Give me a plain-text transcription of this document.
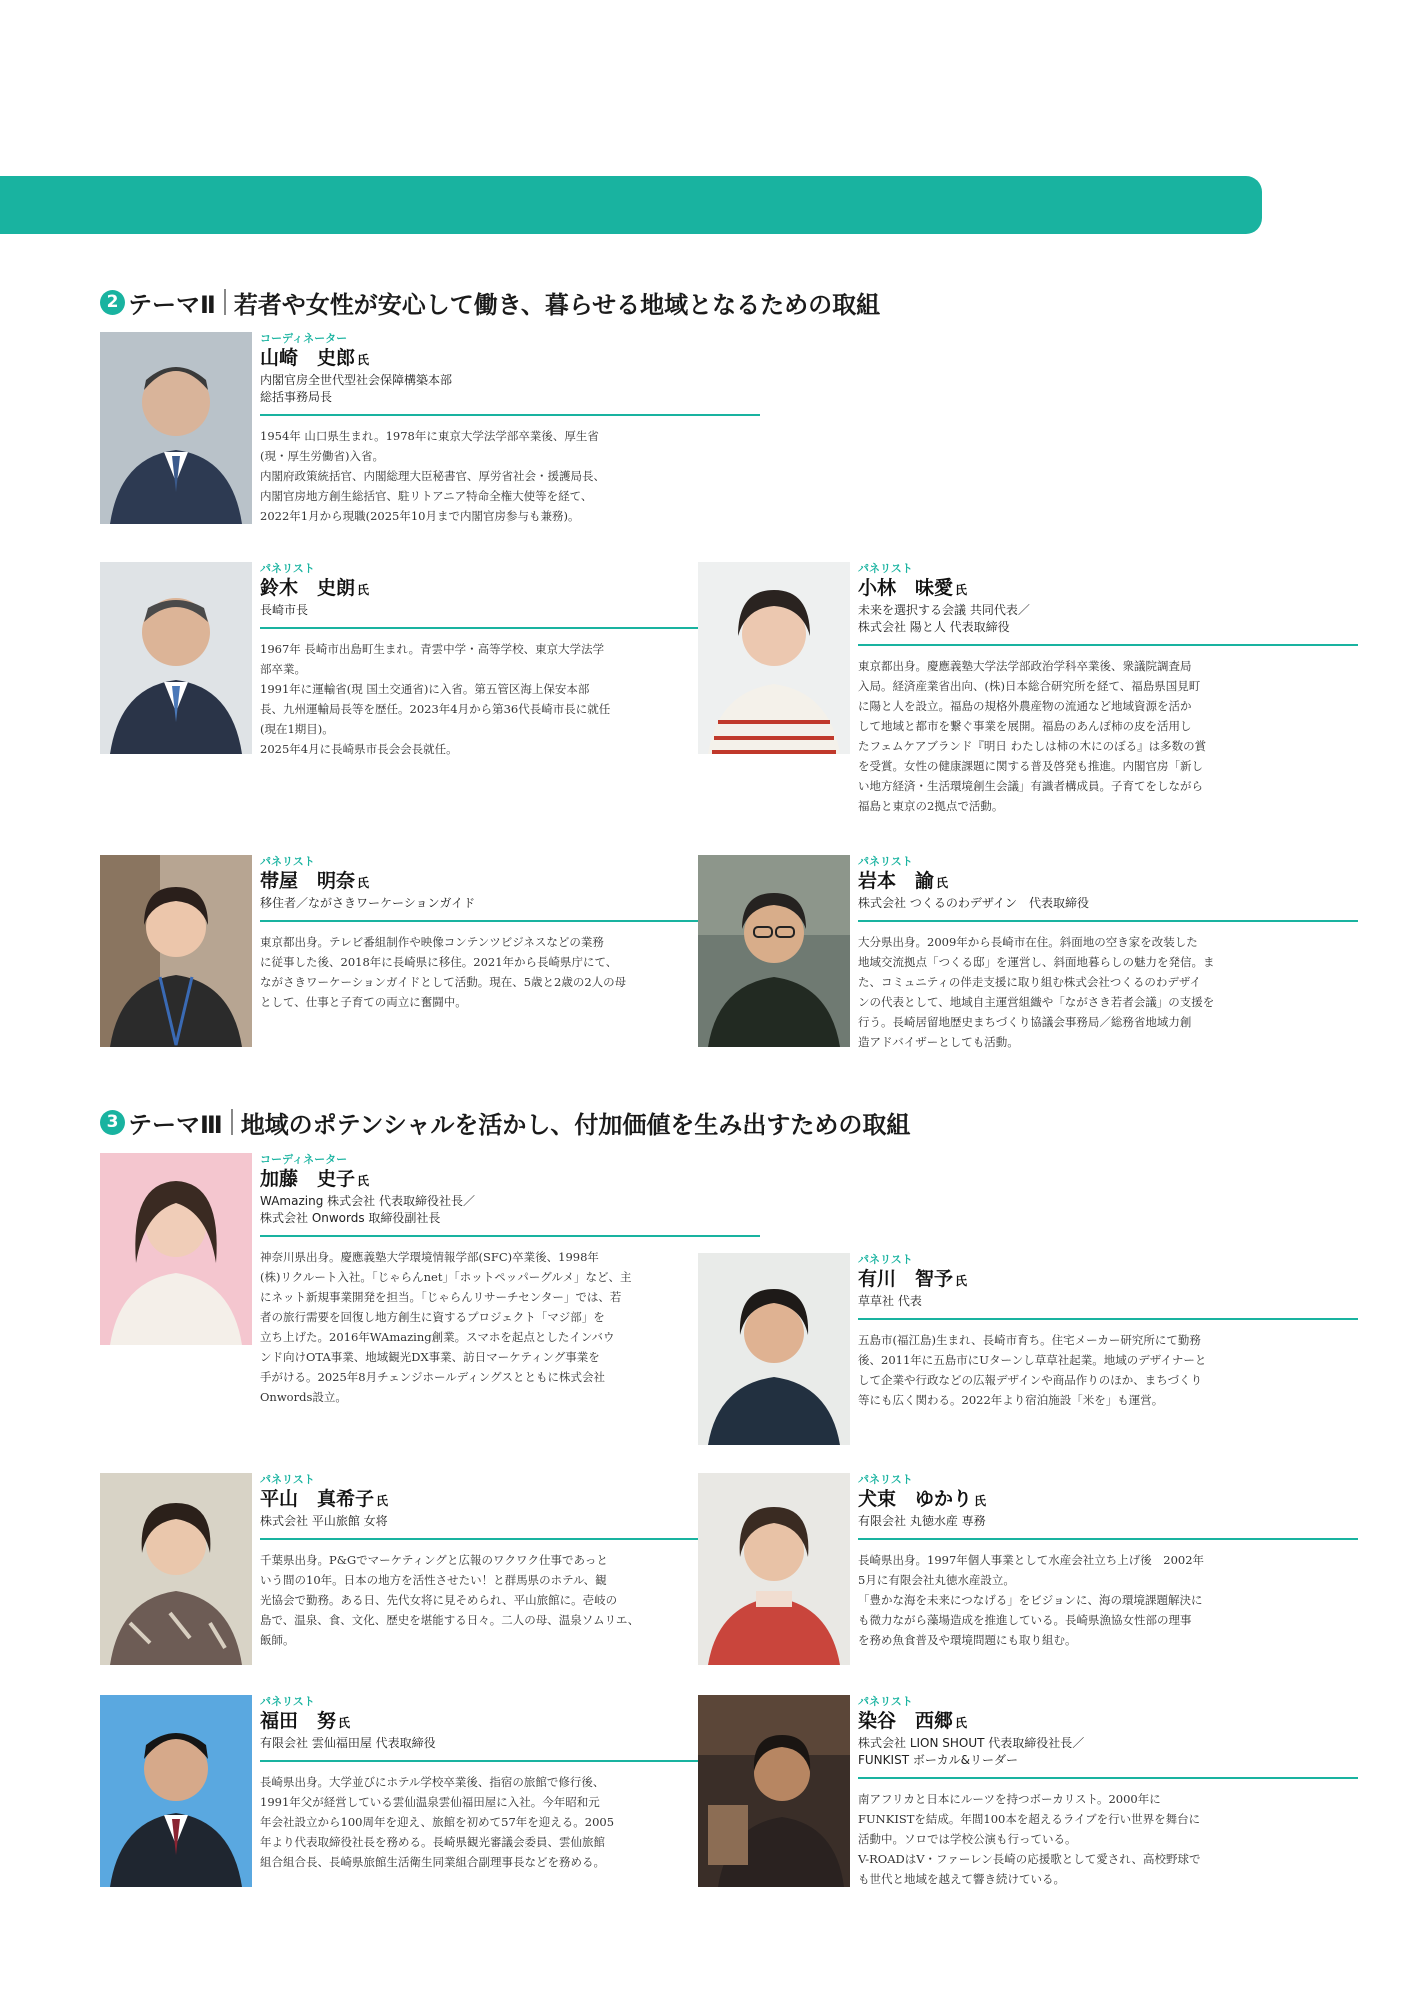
2 テーマⅡ 若者や女性が安心して働き、暮らせる地域となるための取組
コーディネーター
山崎　史郎 氏
内閣官房全世代型社会保障構築本部
総括事務局長
1954年 山口県生まれ。1978年に東京大学法学部卒業後、厚生省
(現・厚生労働省)入省。
内閣府政策統括官、内閣総理大臣秘書官、厚労省社会・援護局長、
内閣官房地方創生総括官、駐リトアニア特命全権大使等を経て、
2022年1月から現職(2025年10月まで内閣官房参与も兼務)。
パネリスト
鈴木　史朗 氏
長崎市長
1967年 長崎市出島町生まれ。青雲中学・高等学校、東京大学法学
部卒業。
1991年に運輸省(現 国土交通省)に入省。第五管区海上保安本部
長、九州運輸局長等を歴任。2023年4月から第36代長崎市長に就任
(現在1期目)。
2025年4月に長崎県市長会会長就任。
パネリスト
小林　味愛 氏
未来を選択する会議 共同代表／
株式会社 陽と人 代表取締役
東京都出身。慶應義塾大学法学部政治学科卒業後、衆議院調査局
入局。経済産業省出向、(株)日本総合研究所を経て、福島県国見町
に陽と人を設立。福島の規格外農産物の流通など地域資源を活か
して地域と都市を繋ぐ事業を展開。福島のあんぽ柿の皮を活用し
たフェムケアブランド『明日 わたしは柿の木にのぼる』は多数の賞
を受賞。女性の健康課題に関する普及啓発も推進。内閣官房「新し
い地方経済・生活環境創生会議」有識者構成員。子育てをしながら
福島と東京の2拠点で活動。
パネリスト
帯屋　明奈 氏
移住者／ながさきワーケーションガイド
東京都出身。テレビ番組制作や映像コンテンツビジネスなどの業務
に従事した後、2018年に長崎県に移住。2021年から長崎県庁にて、
ながさきワーケーションガイドとして活動。現在、5歳と2歳の2人の母
として、仕事と子育ての両立に奮闘中。
パネリスト
岩本　諭 氏
株式会社 つくるのわデザイン　代表取締役
大分県出身。2009年から長崎市在住。斜面地の空き家を改装した
地域交流拠点「つくる邸」を運営し、斜面地暮らしの魅力を発信。ま
た、コミュニティの伴走支援に取り組む株式会社つくるのわデザイ
ンの代表として、地域自主運営組織や「ながさき若者会議」の支援を
行う。長崎居留地歴史まちづくり協議会事務局／総務省地域力創
造アドバイザーとしても活動。
3 テーマⅢ 地域のポテンシャルを活かし、付加価値を生み出すための取組
コーディネーター
加藤　史子 氏
WAmazing 株式会社 代表取締役社長／
株式会社 Onwords 取締役副社長
神奈川県出身。慶應義塾大学環境情報学部(SFC)卒業後、1998年
(株)リクルート入社。「じゃらんnet」「ホットペッパーグルメ」など、主
にネット新規事業開発を担当。「じゃらんリサーチセンター」では、若
者の旅行需要を回復し地方創生に資するプロジェクト「マジ部」を
立ち上げた。2016年WAmazing創業。スマホを起点としたインバウ
ンド向けOTA事業、地域観光DX事業、訪日マーケティング事業を
手がける。2025年8月チェンジホールディングスとともに株式会社
Onwords設立。
パネリスト
有川　智予 氏
草草社 代表
五島市(福江島)生まれ、長崎市育ち。住宅メーカー研究所にて勤務
後、2011年に五島市にUターンし草草社起業。地域のデザイナーと
して企業や行政などの広報デザインや商品作りのほか、まちづくり
等にも広く関わる。2022年より宿泊施設「米を」も運営。
パネリスト
平山　真希子 氏
株式会社 平山旅館 女将
千葉県出身。P&Gでマーケティングと広報のワクワク仕事であっと
いう間の10年。日本の地方を活性させたい！と群馬県のホテル、観
光協会で勤務。ある日、先代女将に見そめられ、平山旅館に。壱岐の
島で、温泉、食、文化、歴史を堪能する日々。二人の母、温泉ソムリエ、
飯師。
パネリスト
犬束　ゆかり 氏
有限会社 丸徳水産 専務
長崎県出身。1997年個人事業として水産会社立ち上げ後　2002年
5月に有限会社丸徳水産設立。
「豊かな海を未来につなげる」をビジョンに、海の環境課題解決に
も微力ながら藻場造成を推進している。長崎県漁協女性部の理事
を務め魚食普及や環境問題にも取り組む。
パネリスト
福田　努 氏
有限会社 雲仙福田屋 代表取締役
長崎県出身。大学並びにホテル学校卒業後、指宿の旅館で修行後、
1991年父が経営している雲仙温泉雲仙福田屋に入社。今年昭和元
年会社設立から100周年を迎え、旅館を初めて57年を迎える。2005
年より代表取締役社長を務める。長崎県観光審議会委員、雲仙旅館
組合組合長、長崎県旅館生活衛生同業組合副理事長などを務める。
パネリスト
染谷　西郷 氏
株式会社 LION SHOUT 代表取締役社長／
FUNKIST ボーカル&リーダー
南アフリカと日本にルーツを持つボーカリスト。2000年に
FUNKISTを結成。年間100本を超えるライブを行い世界を舞台に
活動中。ソロでは学校公演も行っている。
V-ROADはV・ファーレン長崎の応援歌として愛され、高校野球で
も世代と地域を越えて響き続けている。
